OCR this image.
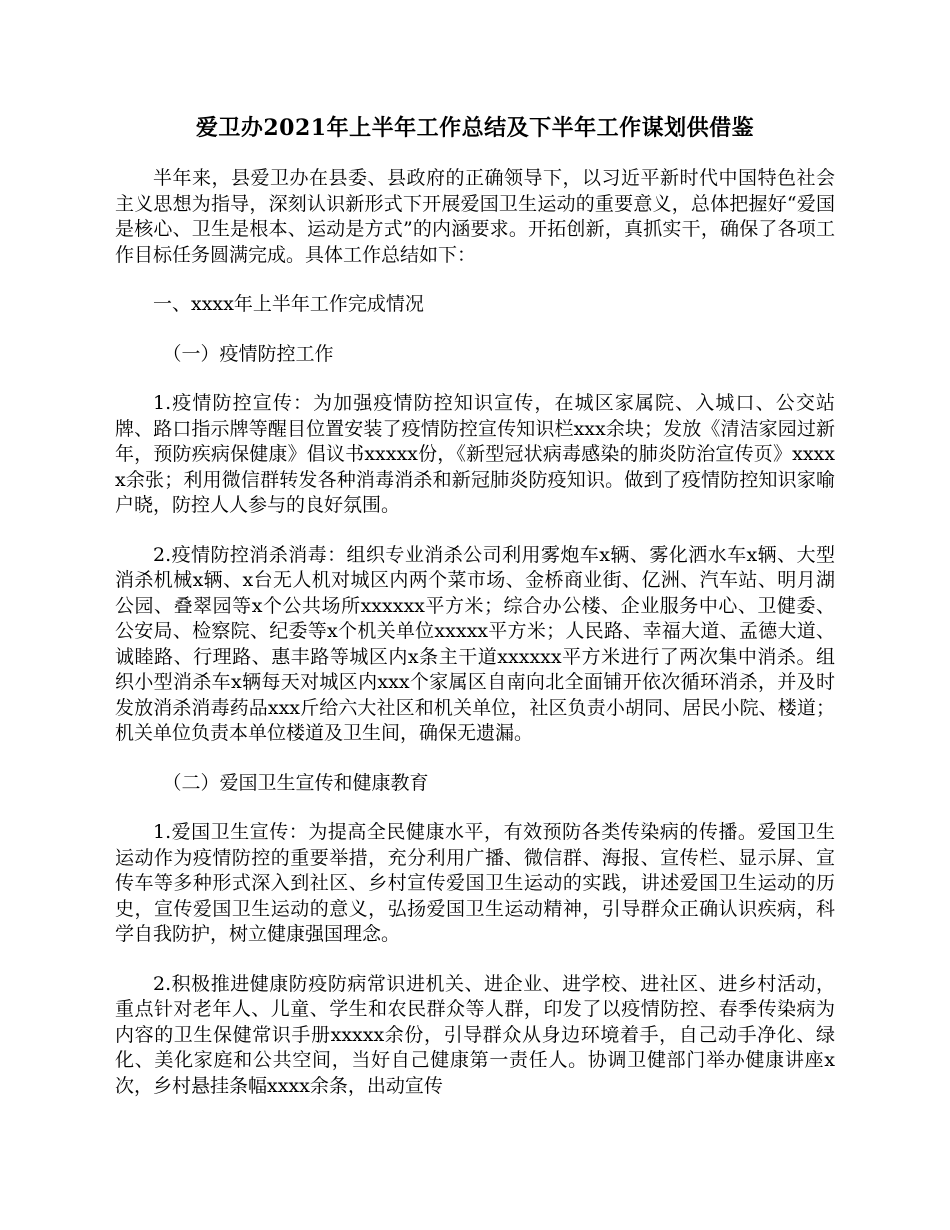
爱卫办2021年上半年工作总结及下半年工作谋划供借鉴

半年来，县爱卫办在县委、县政府的正确领导下，以习近平新时代中国特色社会主义思想为指导，深刻认识新形式下开展爱国卫生运动的重要意义，总体把握好“爱国是核心、卫生是根本、运动是方式”的内涵要求。开拓创新，真抓实干，确保了各项工作目标任务圆满完成。具体工作总结如下：

一、xxxx年上半年工作完成情况

（一）疫情防控工作

1.疫情防控宣传：为加强疫情防控知识宣传，在城区家属院、入城口、公交站牌、路口指示牌等醒目位置安装了疫情防控宣传知识栏xxx余块；发放《清洁家园过新年，预防疾病保健康》倡议书xxxxx份，《新型冠状病毒感染的肺炎防治宣传页》xxxxx余张；利用微信群转发各种消毒消杀和新冠肺炎防疫知识。做到了疫情防控知识家喻户晓，防控人人参与的良好氛围。

2.疫情防控消杀消毒：组织专业消杀公司利用雾炮车x辆、雾化洒水车x辆、大型消杀机械x辆、x台无人机对城区内两个菜市场、金桥商业街、亿洲、汽车站、明月湖公园、叠翠园等x个公共场所xxxxxx平方米；综合办公楼、企业服务中心、卫健委、公安局、检察院、纪委等x个机关单位xxxxx平方米；人民路、幸福大道、孟德大道、诚睦路、行理路、惠丰路等城区内x条主干道xxxxxx平方米进行了两次集中消杀。组织小型消杀车x辆每天对城区内xxx个家属区自南向北全面铺开依次循环消杀，并及时发放消杀消毒药品xxx斤给六大社区和机关单位，社区负责小胡同、居民小院、楼道；机关单位负责本单位楼道及卫生间，确保无遗漏。

（二）爱国卫生宣传和健康教育

1.爱国卫生宣传：为提高全民健康水平，有效预防各类传染病的传播。爱国卫生运动作为疫情防控的重要举措，充分利用广播、微信群、海报、宣传栏、显示屏、宣传车等多种形式深入到社区、乡村宣传爱国卫生运动的实践，讲述爱国卫生运动的历史，宣传爱国卫生运动的意义，弘扬爱国卫生运动精神，引导群众正确认识疾病，科学自我防护，树立健康强国理念。

2.积极推进健康防疫防病常识进机关、进企业、进学校、进社区、进乡村活动，重点针对老年人、儿童、学生和农民群众等人群，印发了以疫情防控、春季传染病为内容的卫生保健常识手册xxxxx余份，引导群众从身边环境着手，自己动手净化、绿化、美化家庭和公共空间，当好自己健康第一责任人。协调卫健部门举办健康讲座x次，乡村悬挂条幅xxxx余条，出动宣传
